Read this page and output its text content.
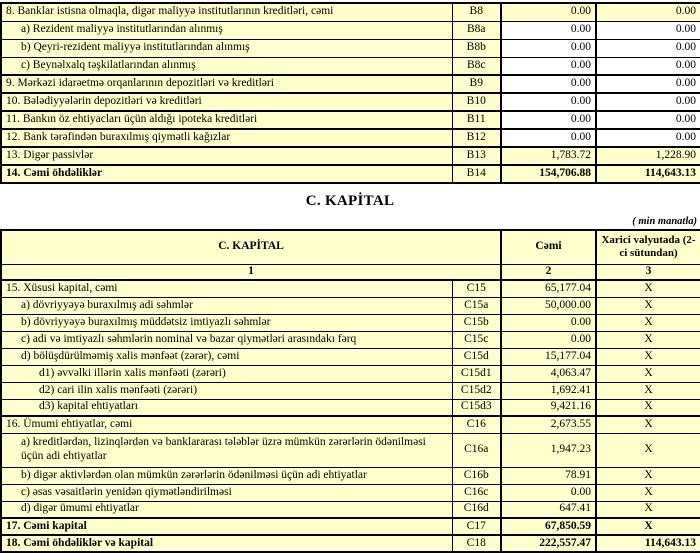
8. Banklar istisna olmaqla, digər maliyyə institutlarının kreditləri, cəmi	B8	0.00	0.00
a) Rezident maliyyə institutlarından alınmış	B8a	0.00	0.00
b) Qeyri-rezident maliyyə institutlarından alınmış	B8b	0.00	0.00
c) Beynəlxalq təşkilatlarından alınmış	B8c	0.00	0.00
9. Mərkəzi idarəetmə orqanlarının depozitləri və kreditləri	B9	0.00	0.00
10. Bələdiyyələrin depozitləri və kreditləri	B10	0.00	0.00
11. Bankın öz ehtiyacları üçün aldığı ipoteka kreditləri	B11	0.00	0.00
12. Bank tərəfindən buraxılmış qiymətli kağızlar	B12	0.00	0.00
13. Digər passivlər	B13	1,783.72	1,228.90
14. Cəmi öhdəliklər	B14	154,706.88	114,643.13
C. KAPİTAL
( min manatla)
C. KAPİTAL		Cəmi	Xarici valyutada (2-ci sütundan)
1		2	3
15. Xüsusi kapital, cəmi	C15	65,177.04	X
a) dövriyyəyə buraxılmış adi səhmlər	C15a	50,000.00	X
b) dövriyyəyə buraxılmış müddətsiz imtiyazlı səhmlər	C15b	0.00	X
c) adi və imtiyazlı səhmlərin nominal və bazar qiymətləri arasındakı fərq	C15c	0.00	X
d) bölüşdürülməmiş xalis mənfəət (zərər), cəmi	C15d	15,177.04	X
d1) əvvəlki illərin xalis mənfəəti (zərəri)	C15d1	4,063.47	X
d2) cari ilin xalis mənfəəti (zərəri)	C15d2	1,692.41	X
d3) kapital ehtiyatları	C15d3	9,421.16	X
16. Ümumi ehtiyatlar, cəmi	C16	2,673.55	X
a) kreditlərdən, lizinqlərdən və banklararası tələblər üzrə mümkün zərərlərin ödənilməsi üçün adi ehtiyatlar	C16a	1,947.23	X
b) digər aktivlərdən olan mümkün zərərlərin ödənilməsi üçün adi ehtiyatlar	C16b	78.91	X
c) əsas vəsaitlərin yenidən qiymətləndirilməsi	C16c	0.00	X
d) digər ümumi ehtiyatlar	C16d	647.41	X
17. Cəmi kapital	C17	67,850.59	X
18. Cəmi öhdəliklər və kapital	C18	222,557.47	114,643.13
